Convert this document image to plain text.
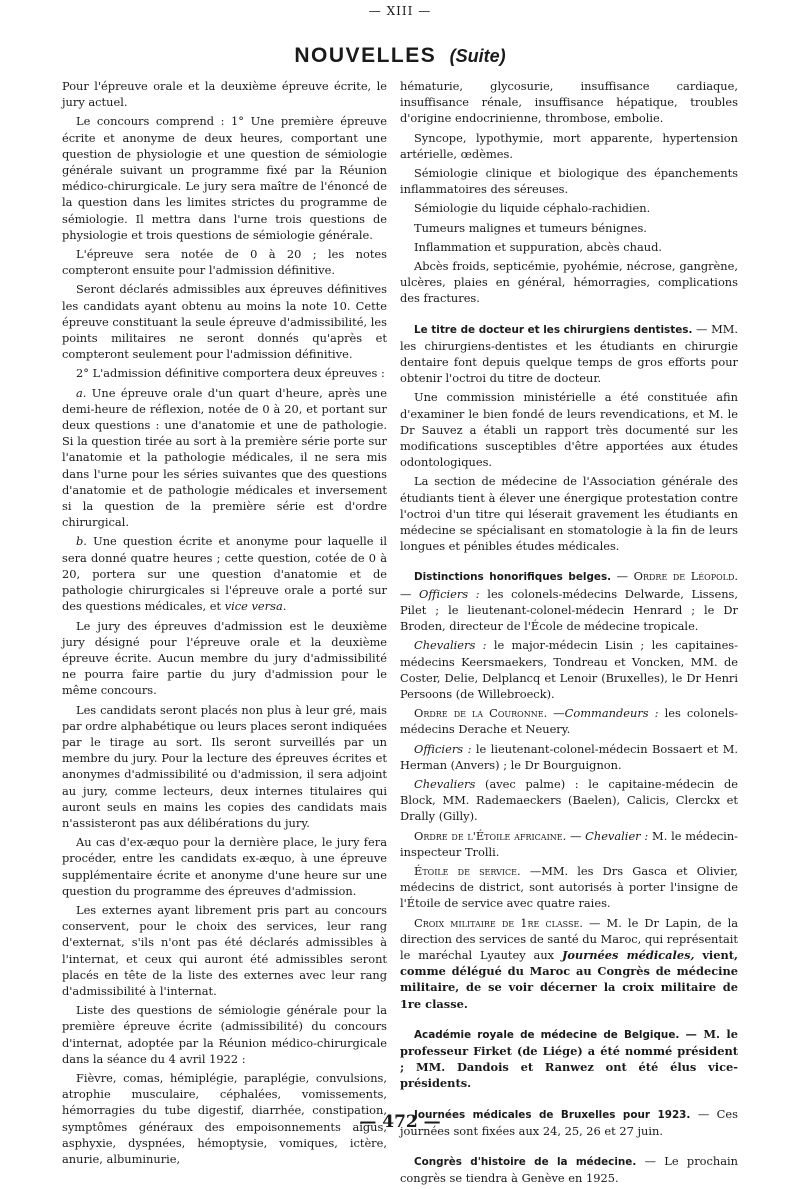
— XIII —
NOUVELLES (Suite)

Pour l'épreuve orale et la deuxième épreuve écrite, le jury actuel.

Le concours comprend : 1° Une première épreuve écrite et anonyme de deux heures, comportant une question de physiologie et une question de sémiologie générale suivant un programme fixé par la Réunion médico-chirurgicale. Le jury sera maître de l'énoncé de la question dans les limites strictes du programme de sémiologie. Il mettra dans l'urne trois questions de physiologie et trois questions de sémiologie générale.

L'épreuve sera notée de 0 à 20 ; les notes compteront ensuite pour l'admission définitive.

Seront déclarés admissibles aux épreuves définitives les candidats ayant obtenu au moins la note 10. Cette épreuve constituant la seule épreuve d'admissibilité, les points militaires ne seront donnés qu'après et compteront seulement pour l'admission définitive.

2° L'admission définitive comportera deux épreuves :

a. Une épreuve orale d'un quart d'heure, après une demi-heure de réflexion, notée de 0 à 20, et portant sur deux questions : une d'anatomie et une de pathologie. Si la question tirée au sort à la première série porte sur l'anatomie et la pathologie médicales, il ne sera mis dans l'urne pour les séries suivantes que des questions d'anatomie et de pathologie médicales et inversement si la question de la première série est d'ordre chirurgical.

b. Une question écrite et anonyme pour laquelle il sera donné quatre heures ; cette question, cotée de 0 à 20, portera sur une question d'anatomie et de pathologie chirurgicales si l'épreuve orale a porté sur des questions médicales, et vice versa.

Le jury des épreuves d'admission est le deuxième jury désigné pour l'épreuve orale et la deuxième épreuve écrite. Aucun membre du jury d'admissibilité ne pourra faire partie du jury d'admission pour le même concours.

Les candidats seront placés non plus à leur gré, mais par ordre alphabétique ou leurs places seront indiquées par le tirage au sort. Ils seront surveillés par un membre du jury. Pour la lecture des épreuves écrites et anonymes d'admissibilité ou d'admission, il sera adjoint au jury, comme lecteurs, deux internes titulaires qui auront seuls en mains les copies des candidats mais n'assisteront pas aux délibérations du jury.

Au cas d'ex-æquo pour la dernière place, le jury fera procéder, entre les candidats ex-æquo, à une épreuve supplémentaire écrite et anonyme d'une heure sur une question du programme des épreuves d'admission.

Les externes ayant librement pris part au concours conservent, pour le choix des services, leur rang d'externat, s'ils n'ont pas été déclarés admissibles à l'internat, et ceux qui auront été admissibles seront placés en tête de la liste des externes avec leur rang d'admissibilité à l'internat.

Liste des questions de sémiologie générale pour la première épreuve écrite (admissibilité) du concours d'internat, adoptée par la Réunion médico-chirurgicale dans la séance du 4 avril 1922 :

Fièvre, comas, hémiplégie, paraplégie, convulsions, atrophie musculaire, céphalées, vomissements, hémorragies du tube digestif, diarrhée, constipation, symptômes généraux des empoisonnements aigus, asphyxie, dyspnées, hémoptysie, vomiques, ictère, anurie, albuminurie,

hématurie, glycosurie, insuffisance cardiaque, insuffisance rénale, insuffisance hépatique, troubles d'origine endocrinienne, thrombose, embolie.

Syncope, lypothymie, mort apparente, hypertension artérielle, œdèmes.

Sémiologie clinique et biologique des épanchements inflammatoires des séreuses.

Sémiologie du liquide céphalo-rachidien.

Tumeurs malignes et tumeurs bénignes.

Inflammation et suppuration, abcès chaud.

Abcès froids, septicémie, pyohémie, nécrose, gangrène, ulcères, plaies en général, hémorragies, complications des fractures.

Le titre de docteur et les chirurgiens dentistes. — MM. les chirurgiens-dentistes et les étudiants en chirurgie dentaire font depuis quelque temps de gros efforts pour obtenir l'octroi du titre de docteur.

Une commission ministérielle a été constituée afin d'examiner le bien fondé de leurs revendications, et M. le Dr Sauvez a établi un rapport très documenté sur les modifications susceptibles d'être apportées aux études odontologiques.

La section de médecine de l'Association générale des étudiants tient à élever une énergique protestation contre l'octroi d'un titre qui léserait gravement les étudiants en médecine se spécialisant en stomatologie à la fin de leurs longues et pénibles études médicales.

Distinctions honorifiques belges. — Ordre de Léopold. — Officiers : les colonels-médecins Delwarde, Lissens, Pilet ; le lieutenant-colonel-médecin Henrard ; le Dr Broden, directeur de l'École de médecine tropicale.

Chevaliers : le major-médecin Lisin ; les capitaines-médecins Keersmaekers, Tondreau et Voncken, MM. de Coster, Delie, Delplancq et Lenoir (Bruxelles), le Dr Henri Persoons (de Willebroeck).

Ordre de la Couronne. —Commandeurs : les colonels-médecins Derache et Neuery.

Officiers : le lieutenant-colonel-médecin Bossaert et M. Herman (Anvers) ; le Dr Bourguignon.

Chevaliers (avec palme) : le capitaine-médecin de Block, MM. Rademaeckers (Baelen), Calicis, Clerckx et Drally (Gilly).

Ordre de l'Étoile africaine. — Chevalier : M. le médecin-inspecteur Trolli.

Étoile de service. —MM. les Drs Gasca et Olivier, médecins de district, sont autorisés à porter l'insigne de l'Étoile de service avec quatre raies.

Croix militaire de 1re classe. — M. le Dr Lapin, de la direction des services de santé du Maroc, qui représentait le maréchal Lyautey aux Journées médicales, vient, comme délégué du Maroc au Congrès de médecine militaire, de se voir décerner la croix militaire de 1re classe.

Académie royale de médecine de Belgique. — M. le professeur Firket (de Liége) a été nommé président ; MM. Dandois et Ranwez ont été élus vice-présidents.

Journées médicales de Bruxelles pour 1923. — Ces journées sont fixées aux 24, 25, 26 et 27 juin.

Congrès d'histoire de la médecine. — Le prochain congrès se tiendra à Genève en 1925.

— 472 —
